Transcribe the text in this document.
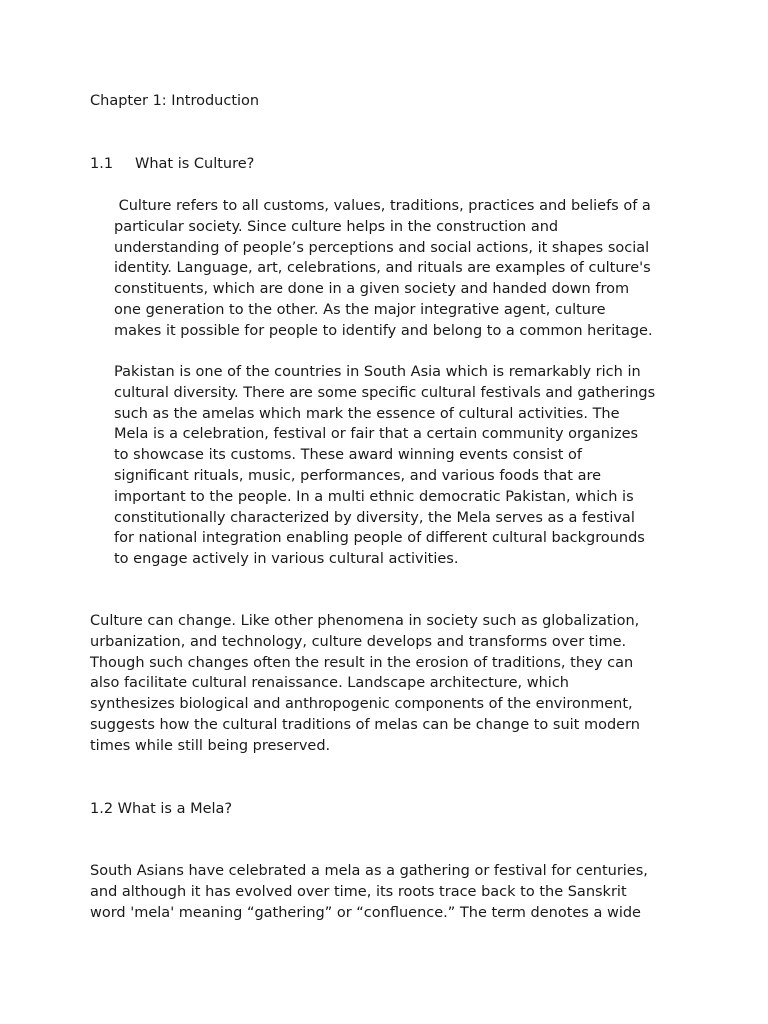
Chapter 1: Introduction

1.1 What is Culture?

Culture refers to all customs, values, traditions, practices and beliefs of a
particular society. Since culture helps in the construction and
understanding of people’s perceptions and social actions, it shapes social
identity. Language, art, celebrations, and rituals are examples of culture's
constituents, which are done in a given society and handed down from
one generation to the other. As the major integrative agent, culture
makes it possible for people to identify and belong to a common heritage.
Pakistan is one of the countries in South Asia which is remarkably rich in
cultural diversity. There are some specific cultural festivals and gatherings
such as the amelas which mark the essence of cultural activities. The
Mela is a celebration, festival or fair that a certain community organizes
to showcase its customs. These award winning events consist of
significant rituals, music, performances, and various foods that are
important to the people. In a multi ethnic democratic Pakistan, which is
constitutionally characterized by diversity, the Mela serves as a festival
for national integration enabling people of different cultural backgrounds
to engage actively in various cultural activities.
Culture can change. Like other phenomena in society such as globalization,
urbanization, and technology, culture develops and transforms over time.
Though such changes often the result in the erosion of traditions, they can
also facilitate cultural renaissance. Landscape architecture, which
synthesizes biological and anthropogenic components of the environment,
suggests how the cultural traditions of melas can be change to suit modern
times while still being preserved.

1.2 What is a Mela?

South Asians have celebrated a mela as a gathering or festival for centuries,
and although it has evolved over time, its roots trace back to the Sanskrit
word 'mela' meaning “gathering” or “confluence.” The term denotes a wide
